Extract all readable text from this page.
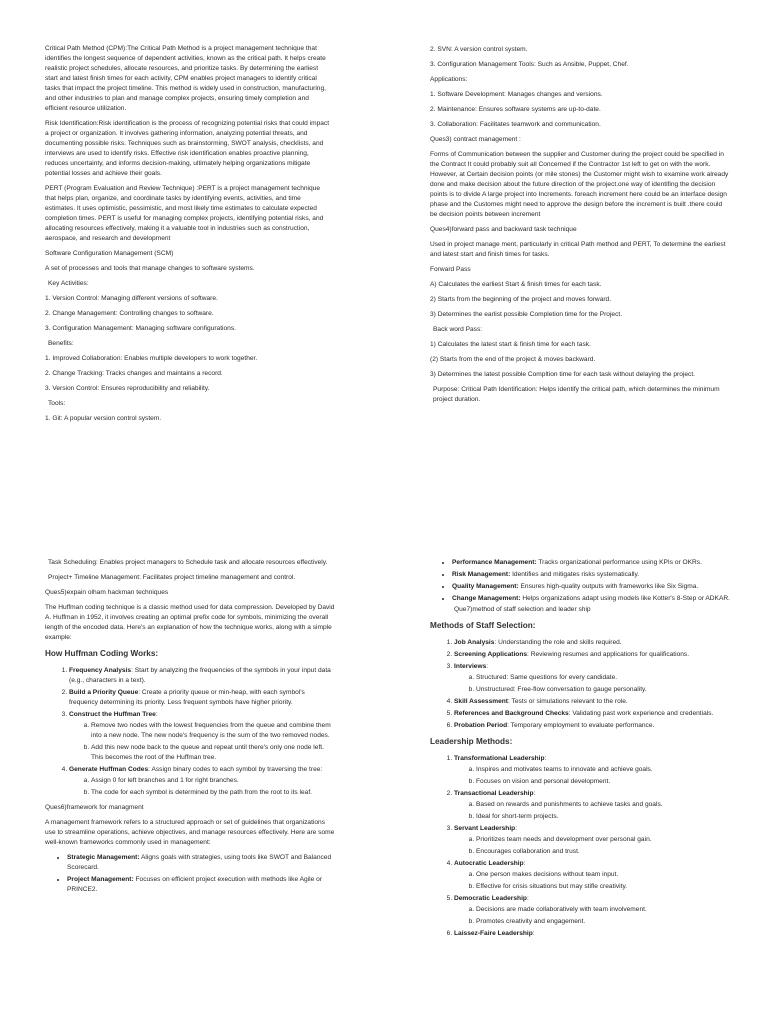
Critical Path Method (CPM):The Critical Path Method is a project management technique that identifies the longest sequence of dependent activities, known as the critical path. It helps create realistic project schedules, allocate resources, and prioritize tasks. By determining the earliest start and latest finish times for each activity, CPM enables project managers to identify critical tasks that impact the project timeline. This method is widely used in construction, manufacturing, and other industries to plan and manage complex projects, ensuring timely completion and efficient resource utilization.

Risk Identification:Risk identification is the process of recognizing potential risks that could impact a project or organization. It involves gathering information, analyzing potential threats, and documenting possible risks. Techniques such as brainstorming, SWOT analysis, checklists, and interviews are used to identify risks. Effective risk identification enables proactive planning, reduces uncertainty, and informs decision-making, ultimately helping organizations mitigate potential losses and achieve their goals.

PERT (Program Evaluation and Review Technique) :PERT is a project management technique that helps plan, organize, and coordinate tasks by identifying events, activities, and time estimates. It uses optimistic, pessimistic, and most likely time estimates to calculate expected completion times. PERT is useful for managing complex projects, identifying potential risks, and allocating resources effectively, making it a valuable tool in industries such as construction, aerospace, and research and development

Software Configuration Management (SCM)

A set of processes and tools that manage changes to software systems.

Key Activities:

1. Version Control: Managing different versions of software.

2. Change Management: Controlling changes to software.

3. Configuration Management: Managing software configurations.

Benefits:

1. Improved Collaboration: Enables multiple developers to work together.

2. Change Tracking: Tracks changes and maintains a record.

3. Version Control: Ensures reproducibility and reliability.

Tools:

1. Git: A popular version control system.

2. SVN: A version control system.

3. Configuration Management Tools: Such as Ansible, Puppet, Chef.

Applications:

1. Software Development: Manages changes and versions.

2. Maintenance: Ensures software systems are up-to-date.

3. Collaboration: Facilitates teamwork and communication.

Ques3) contract management :

Forms of Communication between the supplier and Customer during the project could be specified in the Contract It could probably suit all Concerned if the Contractor 1st left to get on with the work. However, at Certain decision points (or mile stones) the Customer might wish to examine work already done and make decision about the future direction of the project.one way of identifing the decision points is to divide A large project into Increments. foreach increment here could be an interface design phase and the Customes might need to approve the design before the increment is built .there could be decision points between increment

Ques4)forward pass and backward task technique

Used in project manage ment, particularly in critical Path method and PERT, To determine the earliest and latest start and finish times for tasks.

Forward Pass

A) Calculates the earliest Start & finish times for each task.

2) Starts from the beginning of the project and moves forward.

3) Determines the earlist possible Completion time for the Project.

Back word Pass:

1) Calculates the latest start & finish time for each task.

(2) Starts from the end of the project & moves backward.

3) Determines the latest possible Compltion time for each task without delaying the project.

Purpose: Critical Path Identification: Helps identify the critical path, which determines the minimum project duration.

Task Scheduling: Enables project managers to Schedule task and allocate resources effectively.

Project+ Timeline Management: Facilitates project timeline management and control.

Ques5)expain olham hackman techniques

The Huffman coding technique is a classic method used for data compression. Developed by David A. Huffman in 1952, it involves creating an optimal prefix code for symbols, minimizing the overall length of the encoded data. Here's an explanation of how the technique works, along with a simple example:

How Huffman Coding Works:

1. Frequency Analysis: Start by analyzing the frequencies of the symbols in your input data (e.g., characters in a text).
2. Build a Priority Queue: Create a priority queue or min-heap, with each symbol's frequency determining its priority. Less frequent symbols have higher priority.
3. Construct the Huffman Tree:
a. Remove two nodes with the lowest frequencies from the queue and combine them into a new node. The new node's frequency is the sum of the two removed nodes.
b. Add this new node back to the queue and repeat until there's only one node left. This becomes the root of the Huffman tree.
4. Generate Huffman Codes: Assign binary codes to each symbol by traversing the tree:
a. Assign 0 for left branches and 1 for right branches.
b. The code for each symbol is determined by the path from the root to its leaf.

Ques6)framework for managment

A management framework refers to a structured approach or set of guidelines that organizations use to streamline operations, achieve objectives, and manage resources effectively. Here are some well-known frameworks commonly used in management:

• Strategic Management: Aligns goals with strategies, using tools like SWOT and Balanced Scorecard.
• Project Management: Focuses on efficient project execution with methods like Agile or PRINCE2.
• Performance Management: Tracks organizational performance using KPIs or OKRs.
• Risk Management: Identifies and mitigates risks systematically.
• Quality Management: Ensures high-quality outputs with frameworks like Six Sigma.
• Change Management: Helps organizations adapt using models like Kotter's 8-Step or ADKAR.

Que7)method of staff selection and leader ship

Methods of Staff Selection:

1. Job Analysis: Understanding the role and skills required.
2. Screening Applications: Reviewing resumes and applications for qualifications.
3. Interviews:
a. Structured: Same questions for every candidate.
b. Unstructured: Free-flow conversation to gauge personality.
4. Skill Assessment: Tests or simulations relevant to the role.
5. References and Background Checks: Validating past work experience and credentials.
6. Probation Period: Temporary employment to evaluate performance.

Leadership Methods:

1. Transformational Leadership:
a. Inspires and motivates teams to innovate and achieve goals.
b. Focuses on vision and personal development.
2. Transactional Leadership:
a. Based on rewards and punishments to achieve tasks and goals.
b. Ideal for short-term projects.
3. Servant Leadership:
a. Prioritizes team needs and development over personal gain.
b. Encourages collaboration and trust.
4. Autocratic Leadership:
a. One person makes decisions without team input.
b. Effective for crisis situations but may stifle creativity.
5. Democratic Leadership:
a. Decisions are made collaboratively with team involvement.
b. Promotes creativity and engagement.
6. Laissez-Faire Leadership:
